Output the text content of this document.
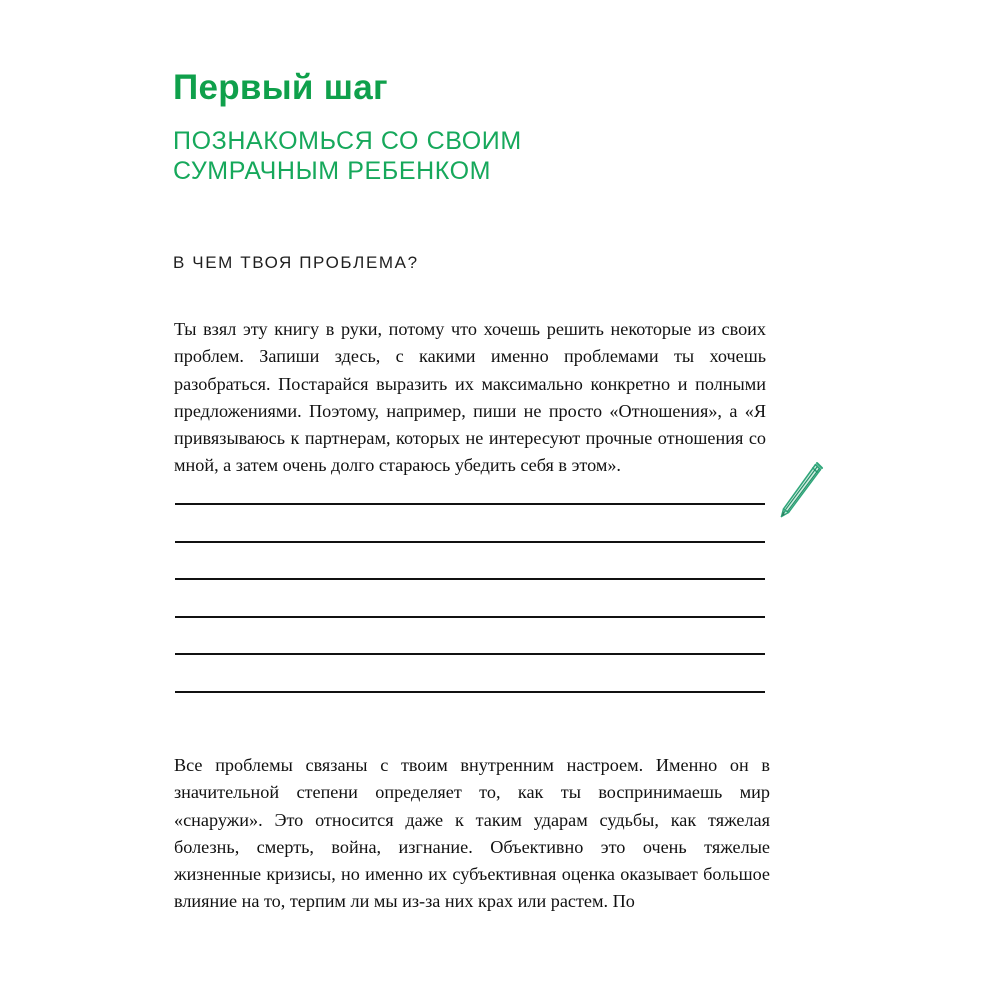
Первый шаг
ПОЗНАКОМЬСЯ СО СВОИМ СУМРАЧНЫМ РЕБЕНКОМ
В ЧЕМ ТВОЯ ПРОБЛЕМА?

Ты взял эту книгу в руки, потому что хочешь решить некоторые из своих проблем. Запиши здесь, с какими именно проблемами ты хочешь разобраться. Постарайся выразить их максимально конкретно и полными предложениями. Поэтому, например, пиши не просто «Отношения», а «Я привязываюсь к партнерам, которых не интересуют прочные отношения со мной, а затем очень долго стараюсь убедить себя в этом».

Все проблемы связаны с твоим внутренним настроем. Именно он в значительной степени определяет то, как ты воспринимаешь мир «снаружи». Это относится даже к таким ударам судьбы, как тяжелая болезнь, смерть, война, изгнание. Объективно это очень тяжелые жизненные кризисы, но именно их субъективная оценка оказывает большое влияние на то, терпим ли мы из-за них крах или растем. По
